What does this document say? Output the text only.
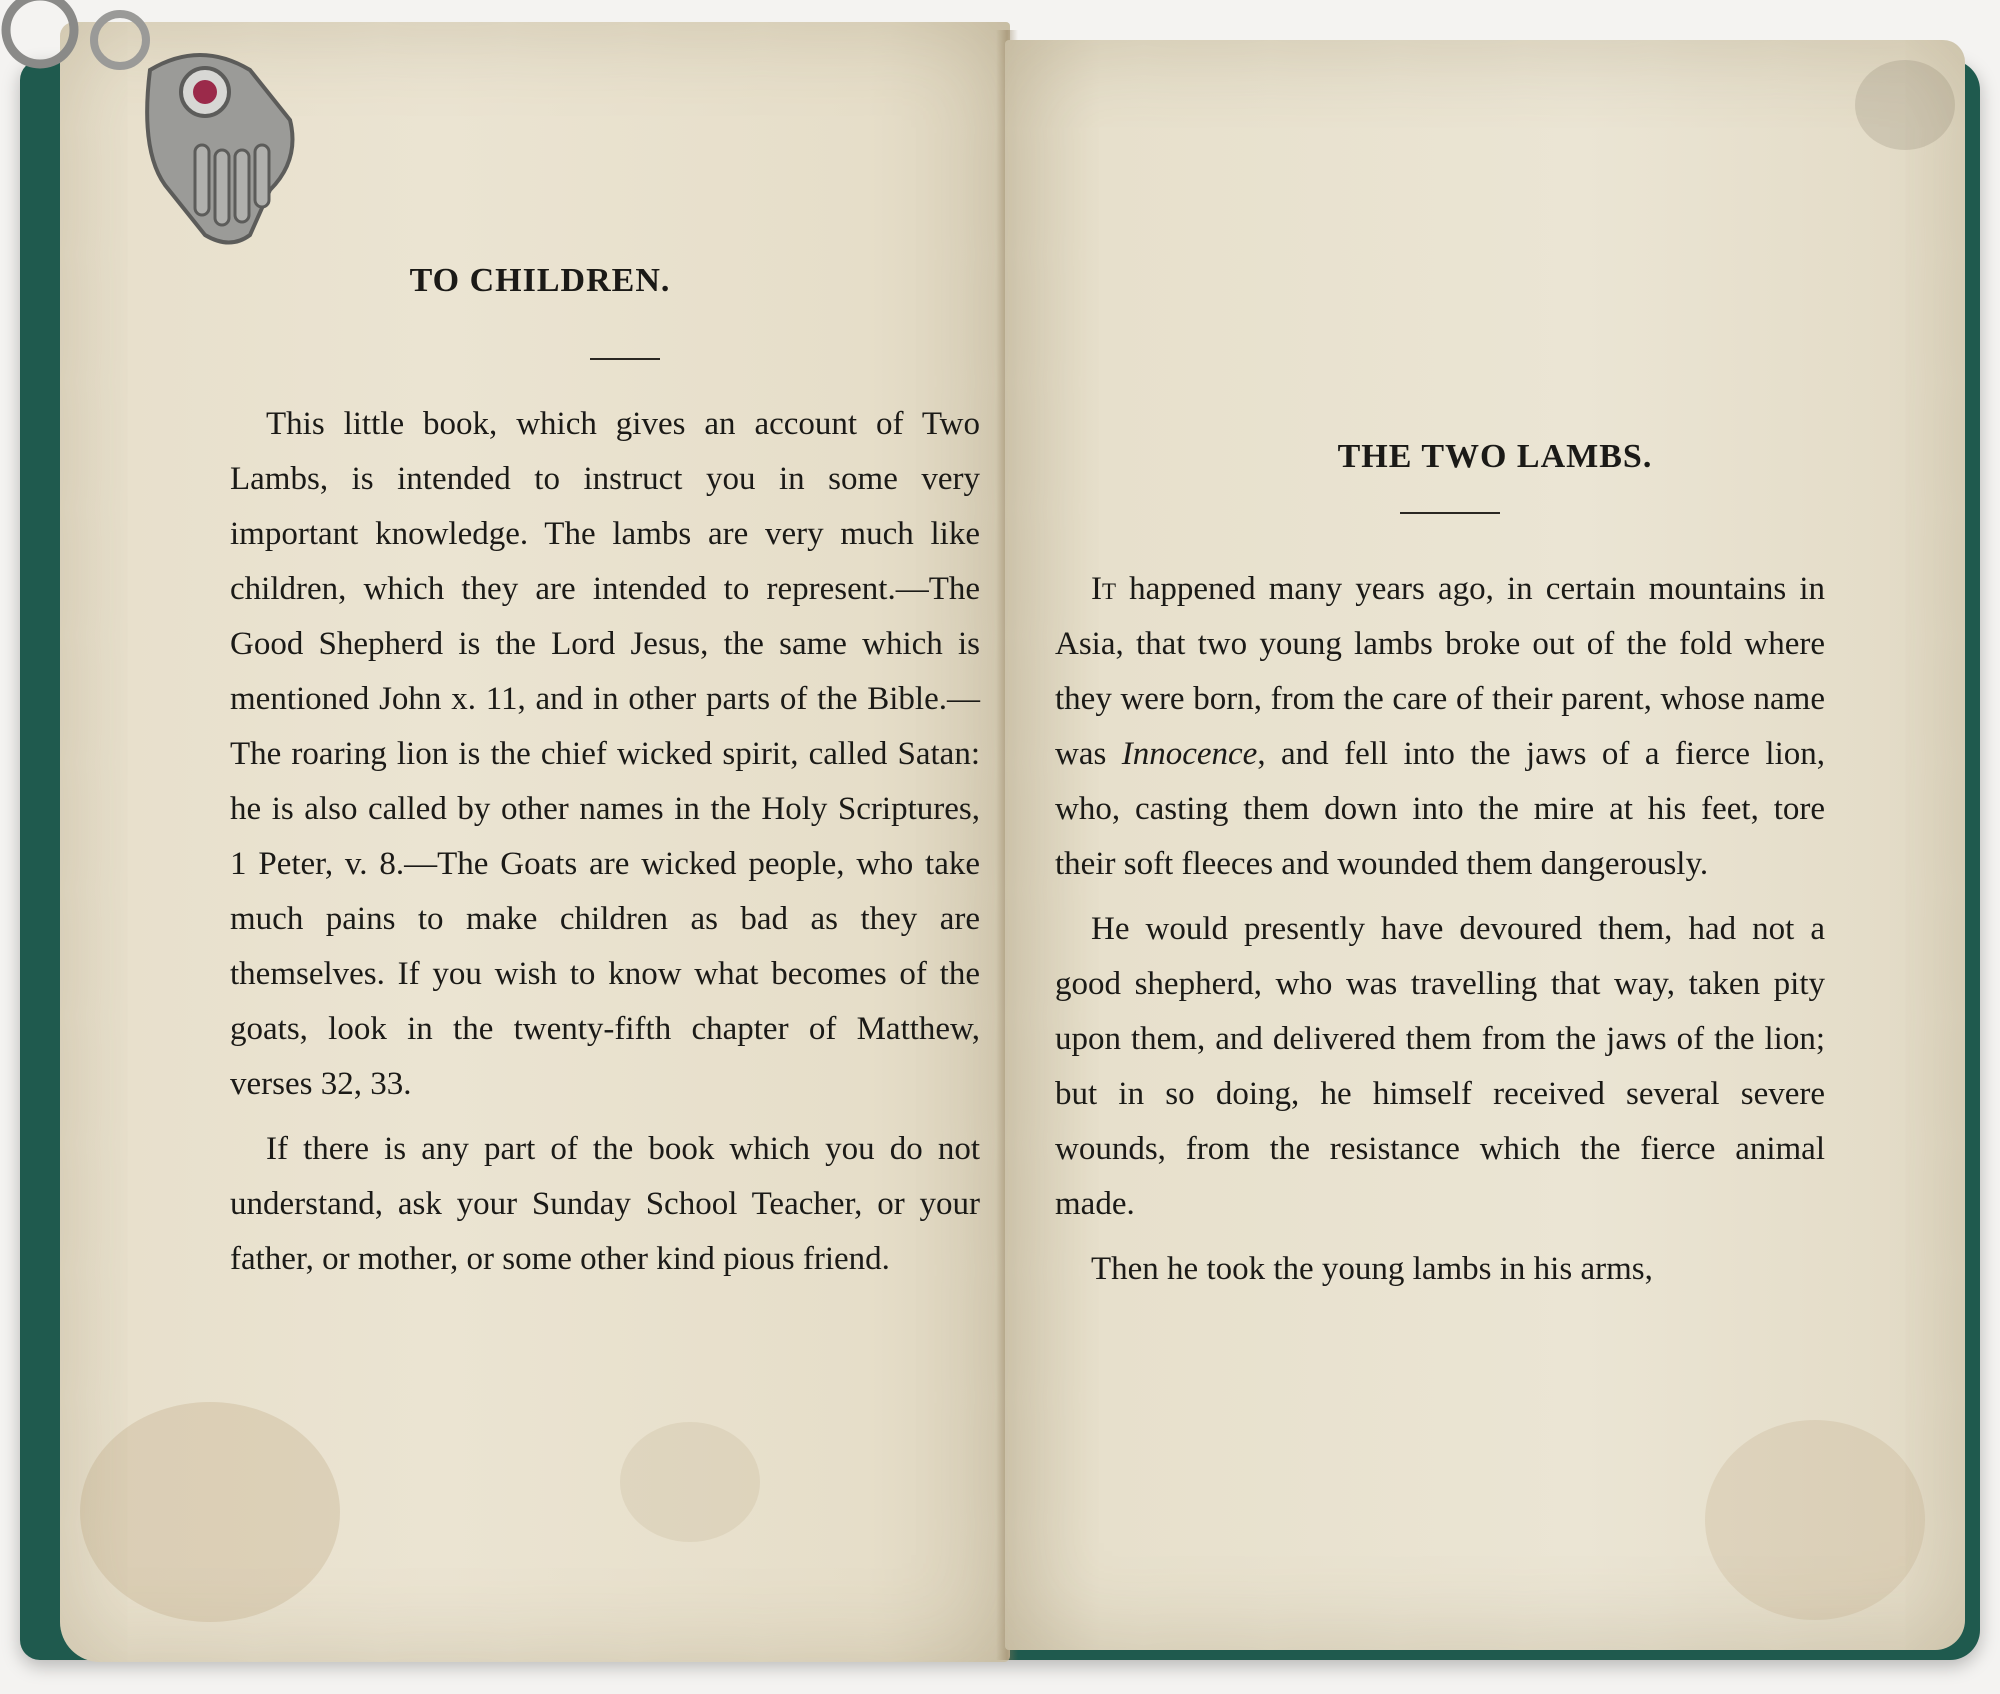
TO CHILDREN.

This little book, which gives an account of Two Lambs, is intended to instruct you in some very important knowledge. The lambs are very much like children, which they are intended to represent.—The Good Shepherd is the Lord Jesus, the same which is mentioned John x. 11, and in other parts of the Bible.—The roaring lion is the chief wicked spirit, called Satan: he is also called by other names in the Holy Scriptures, 1 Peter, v. 8.—The Goats are wicked people, who take much pains to make children as bad as they are themselves. If you wish to know what becomes of the goats, look in the twenty-fifth chapter of Matthew, verses 32, 33.

If there is any part of the book which you do not understand, ask your Sunday School Teacher, or your father, or mother, or some other kind pious friend.

THE TWO LAMBS.

It happened many years ago, in certain mountains in Asia, that two young lambs broke out of the fold where they were born, from the care of their parent, whose name was Innocence, and fell into the jaws of a fierce lion, who, casting them down into the mire at his feet, tore their soft fleeces and wounded them dangerously.

He would presently have devoured them, had not a good shepherd, who was travelling that way, taken pity upon them, and delivered them from the jaws of the lion; but in so doing, he himself received several severe wounds, from the resistance which the fierce animal made.

Then he took the young lambs in his arms,
